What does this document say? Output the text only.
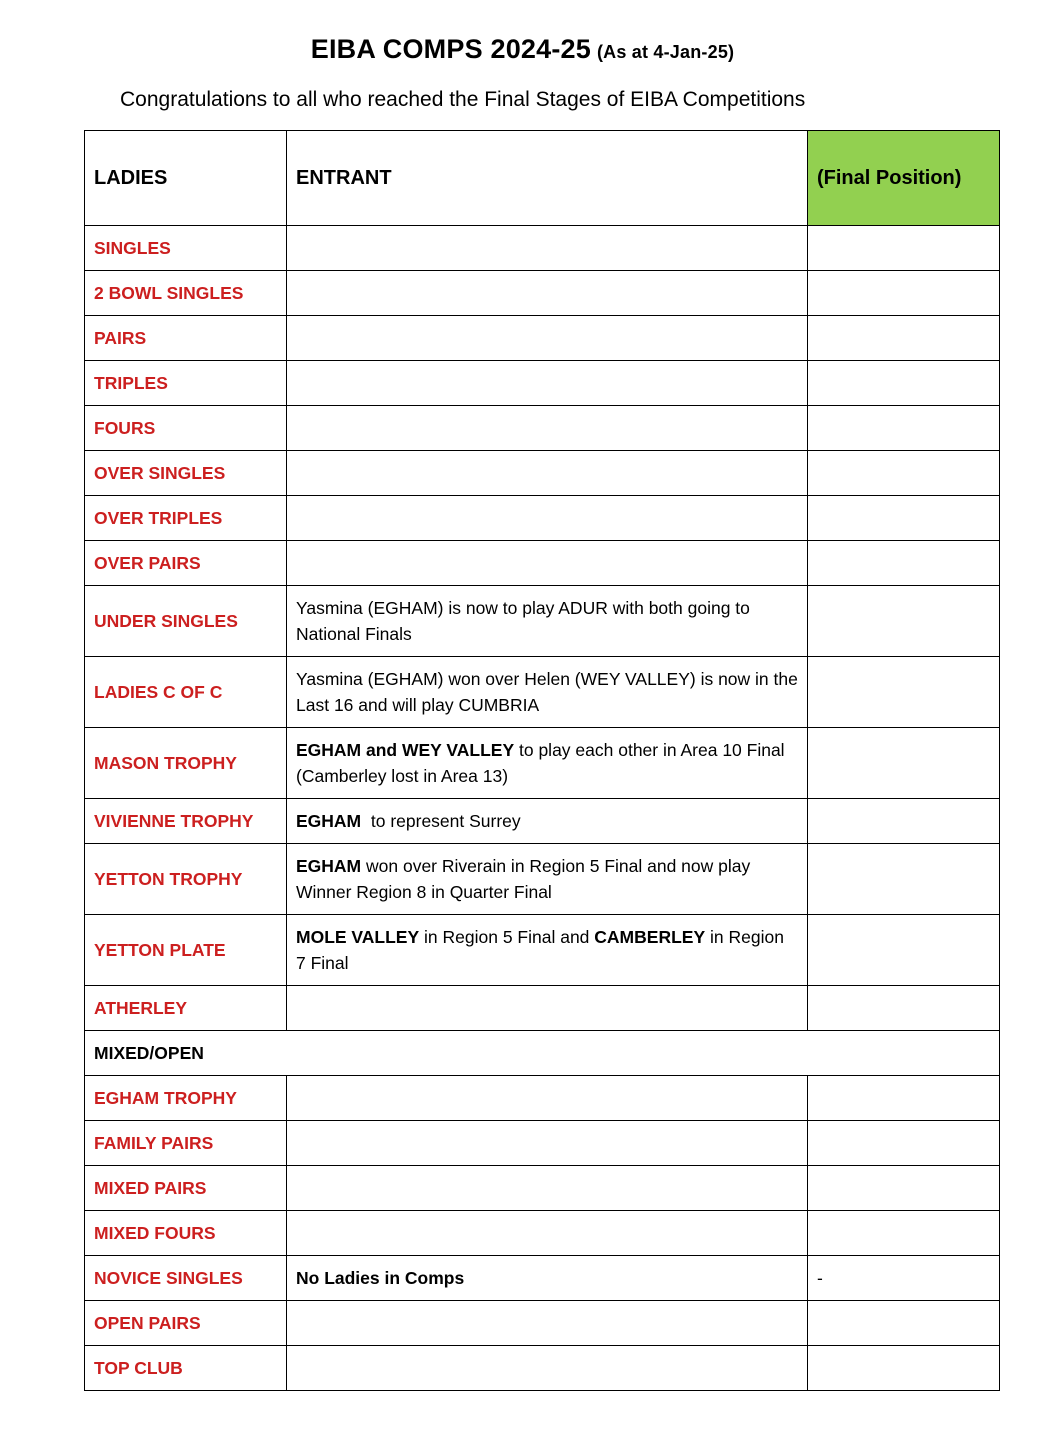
EIBA COMPS 2024-25 (As at 4-Jan-25)
Congratulations to all who reached the Final Stages of EIBA Competitions
LADIES	ENTRANT	(Final Position)
SINGLES		
2 BOWL SINGLES		
PAIRS		
TRIPLES		
FOURS		
OVER SINGLES		
OVER TRIPLES		
OVER PAIRS		
UNDER SINGLES	Yasmina (EGHAM) is now to play ADUR with both going to National Finals	
LADIES C OF C	Yasmina (EGHAM) won over Helen (WEY VALLEY) is now in the Last 16 and will play CUMBRIA	
MASON TROPHY	EGHAM and WEY VALLEY to play each other in Area 10 Final (Camberley lost in Area 13)	
VIVIENNE TROPHY	EGHAM  to represent Surrey	
YETTON TROPHY	EGHAM won over Riverain in Region 5 Final and now play Winner Region 8 in Quarter Final	
YETTON PLATE	MOLE VALLEY in Region 5 Final and CAMBERLEY in Region 7 Final	
ATHERLEY		
MIXED/OPEN		
EGHAM TROPHY		
FAMILY PAIRS		
MIXED PAIRS		
MIXED FOURS		
NOVICE SINGLES	No Ladies in Comps	-
OPEN PAIRS		
TOP CLUB		
